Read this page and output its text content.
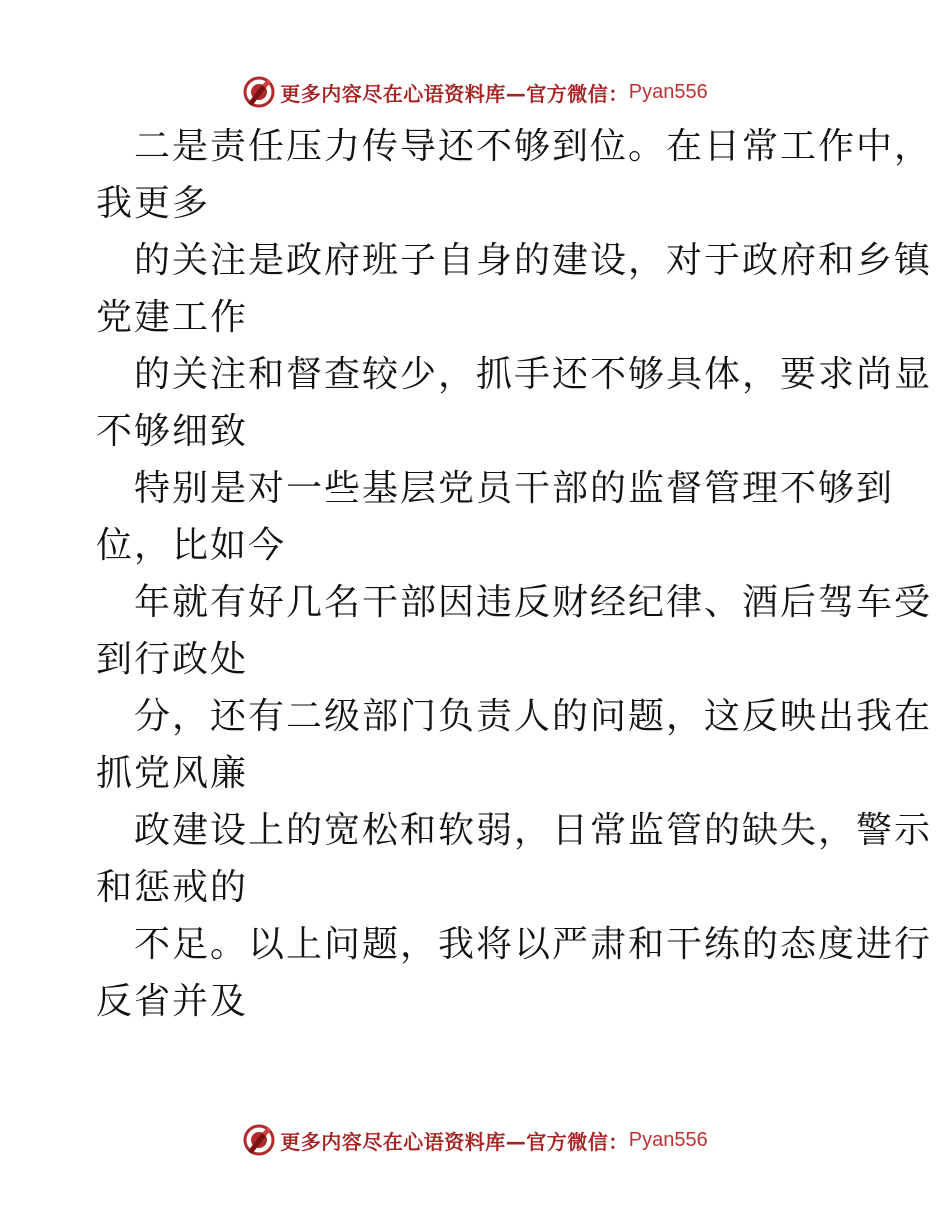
更多内容尽在心语资料库—官方微信： Pyan556
二是责任压力传导还不够到位。在日常工作中，
我更多
的关注是政府班子自身的建设，对于政府和乡镇
党建工作
的关注和督查较少，抓手还不够具体，要求尚显
不够细致
特别是对一些基层党员干部的监督管理不够到
位，比如今
年就有好几名干部因违反财经纪律、酒后驾车受
到行政处
分，还有二级部门负责人的问题，这反映出我在
抓党风廉
政建设上的宽松和软弱，日常监管的缺失，警示
和惩戒的
不足。以上问题，我将以严肃和干练的态度进行
反省并及
更多内容尽在心语资料库—官方微信： Pyan556
